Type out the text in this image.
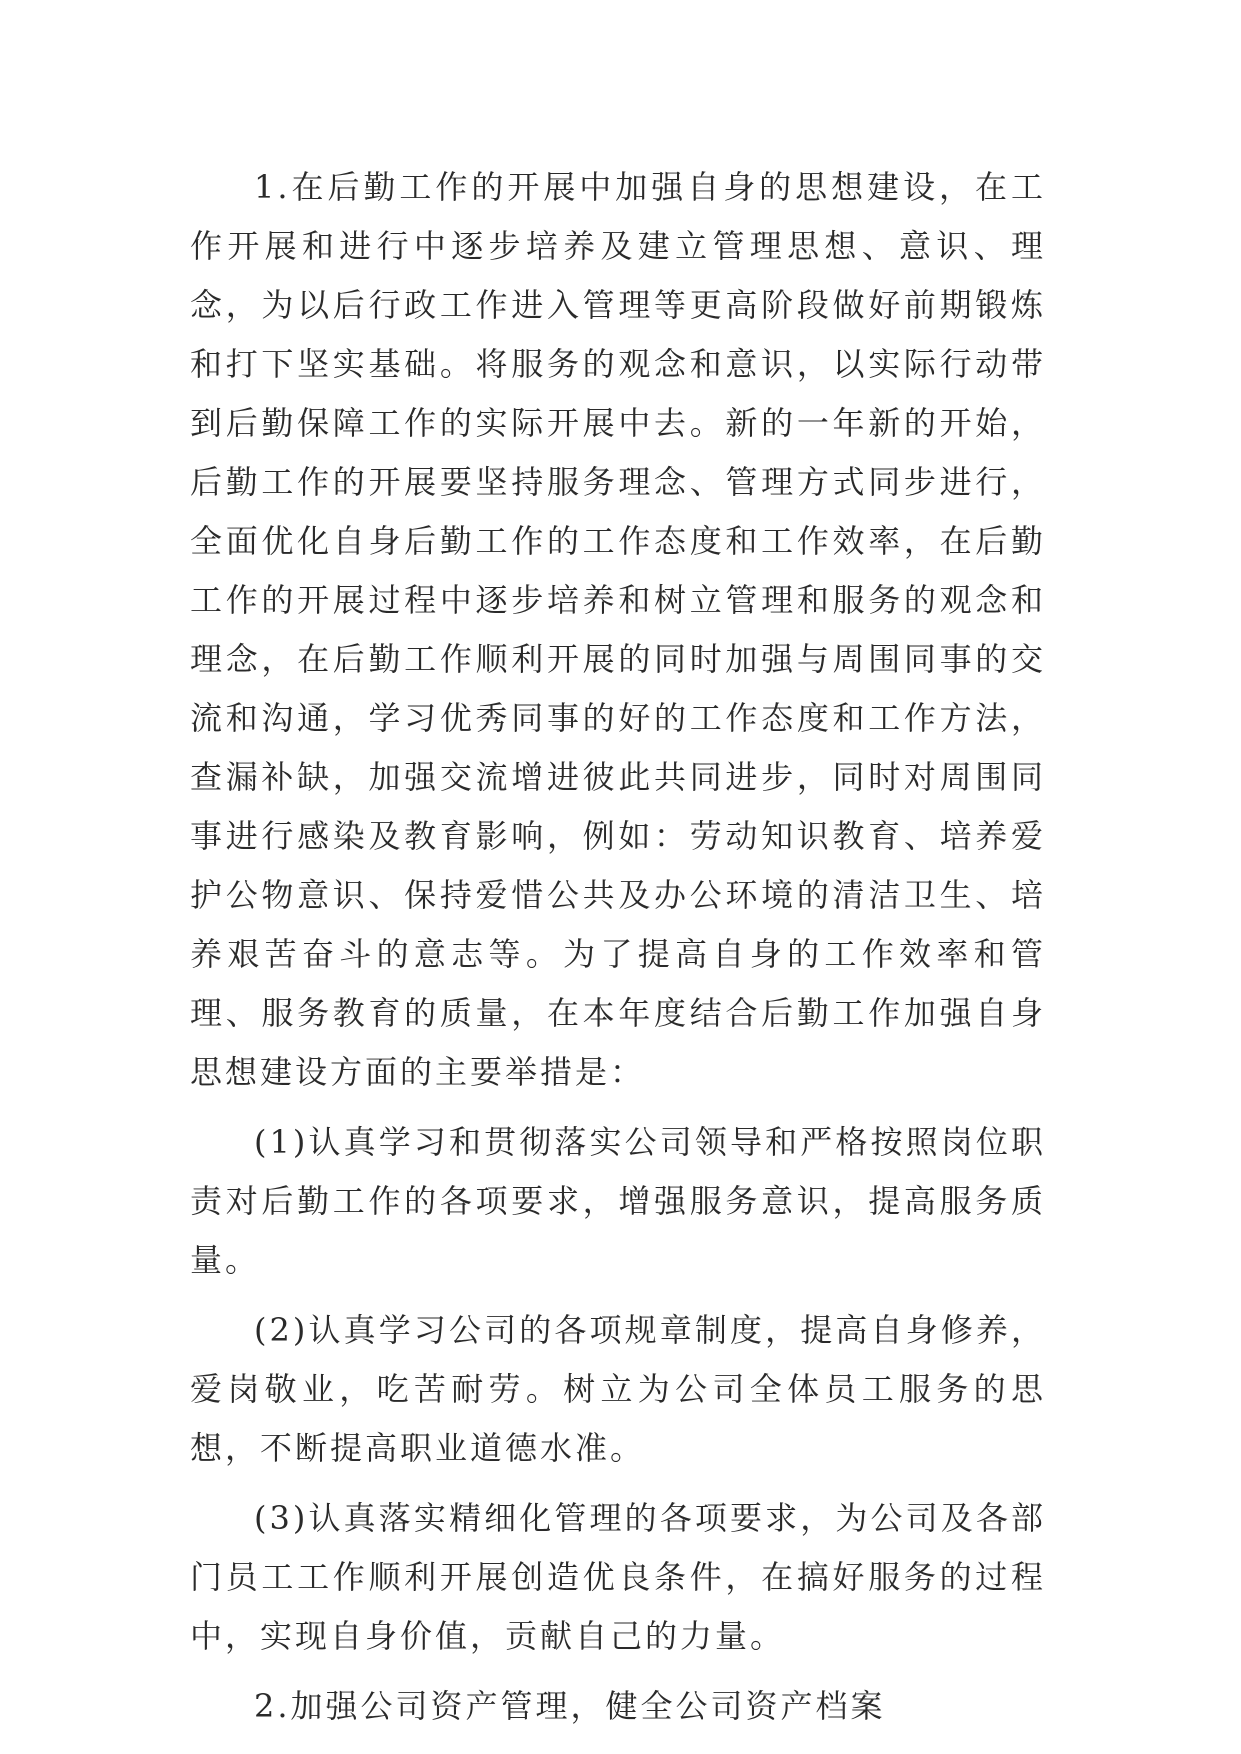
1.在后勤工作的开展中加强自身的思想建设，在工作开展和进行中逐步培养及建立管理思想、意识、理念，为以后行政工作进入管理等更高阶段做好前期锻炼和打下坚实基础。将服务的观念和意识，以实际行动带到后勤保障工作的实际开展中去。新的一年新的开始，后勤工作的开展要坚持服务理念、管理方式同步进行，全面优化自身后勤工作的工作态度和工作效率，在后勤工作的开展过程中逐步培养和树立管理和服务的观念和理念，在后勤工作顺利开展的同时加强与周围同事的交流和沟通，学习优秀同事的好的工作态度和工作方法，查漏补缺，加强交流增进彼此共同进步，同时对周围同事进行感染及教育影响，例如：劳动知识教育、培养爱护公物意识、保持爱惜公共及办公环境的清洁卫生、培养艰苦奋斗的意志等。为了提高自身的工作效率和管理、服务教育的质量，在本年度结合后勤工作加强自身思想建设方面的主要举措是：

(1)认真学习和贯彻落实公司领导和严格按照岗位职责对后勤工作的各项要求，增强服务意识，提高服务质量。

(2)认真学习公司的各项规章制度，提高自身修养，爱岗敬业，吃苦耐劳。树立为公司全体员工服务的思想，不断提高职业道德水准。

(3)认真落实精细化管理的各项要求，为公司及各部门员工工作顺利开展创造优良条件，在搞好服务的过程中，实现自身价值，贡献自己的力量。

2.加强公司资产管理，健全公司资产档案
